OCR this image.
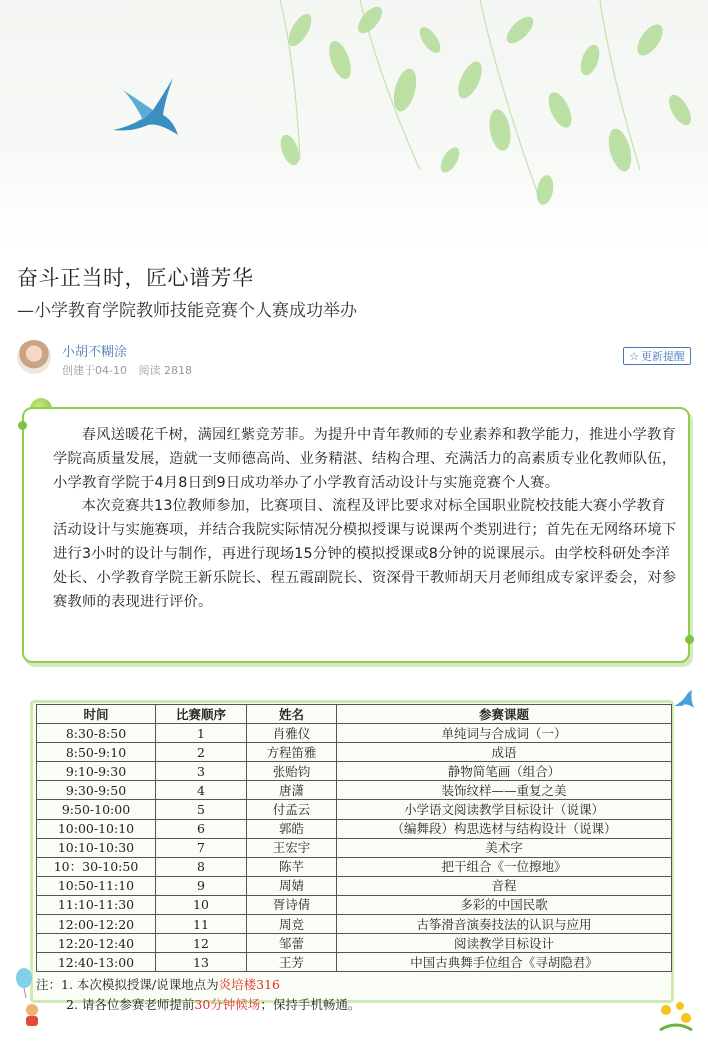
奋斗正当时，匠心谱芳华
—小学教育学院教师技能竞赛个人赛成功举办
小胡不糊涂
创建于04-10 阅读 2818
☆ 更新提醒

春风送暖花千树，满园红紫竞芳菲。为提升中青年教师的专业素养和教学能力，推进小学教育学院高质量发展，造就一支师德高尚、业务精湛、结构合理、充满活力的高素质专业化教师队伍，小学教育学院于4月8日到9日成功举办了小学教育活动设计与实施竞赛个人赛。

本次竞赛共13位教师参加，比赛项目、流程及评比要求对标全国职业院校技能大赛小学教育活动设计与实施赛项，并结合我院实际情况分模拟授课与说课两个类别进行；首先在无网络环境下进行3小时的设计与制作，再进行现场15分钟的模拟授课或8分钟的说课展示。由学校科研处李洋处长、小学教育学院王新乐院长、程五霞副院长、资深骨干教师胡天月老师组成专家评委会，对参赛教师的表现进行评价。

时间	比赛顺序	姓名	参赛课题
8:30-8:50	1	肖雅仪	单纯词与合成词（一）
8:50-9:10	2	方程笛雅	成语
9:10-9:30	3	张贻钧	静物简笔画（组合）
9:30-9:50	4	唐潇	装饰纹样——重复之美
9:50-10:00	5	付孟云	小学语文阅读教学目标设计（说课）
10:00-10:10	6	郭皓	（编舞段）构思选材与结构设计（说课）
10:10-10:30	7	王宏宇	美术字
10：30-10:50	8	陈芊	把干组合《一位擦地》
10:50-11:10	9	周婧	音程
11:10-11:30	10	胥诗倩	多彩的中国民歌
12:00-12:20	11	周竞	古筝滑音演奏技法的认识与应用
12:20-12:40	12	邹蕾	阅读教学目标设计
12:40-13:00	13	王芳	中国古典舞手位组合《寻胡隐君》
注：1. 本次模拟授课/说课地点为炎培楼316
2. 请各位参赛老师提前30分钟候场；保持手机畅通。
